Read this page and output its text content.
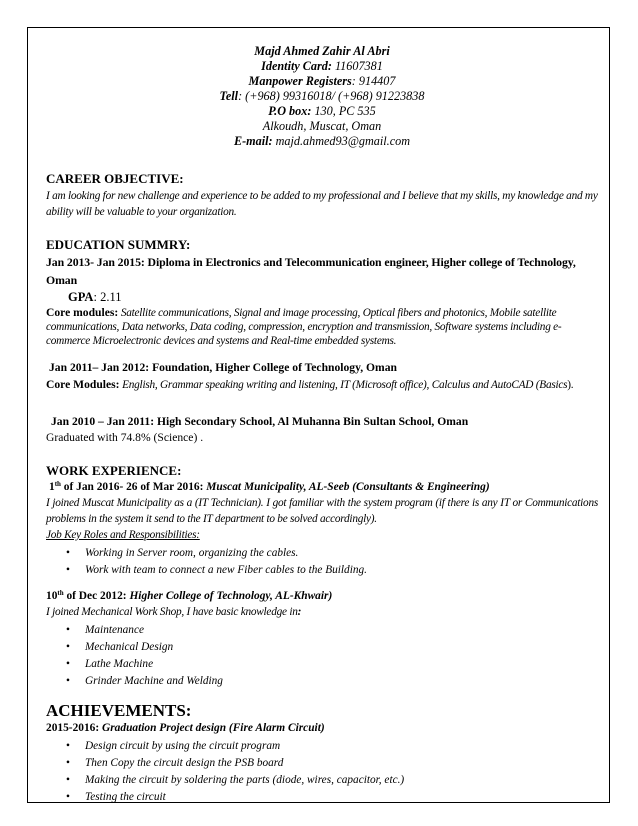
Majd Ahmed Zahir Al Abri
Identity Card: 11607381
Manpower Registers: 914407
Tell: (+968) 99316018/ (+968) 91223838
P.O box: 130, PC 535
Alkoudh, Muscat, Oman
E-mail: majd.ahmed93@gmail.com
CAREER OBJECTIVE:
I am looking for new challenge and experience to be added to my professional and I believe that my skills, my knowledge and my ability will be valuable to your organization.
EDUCATION SUMMRY:
Jan 2013- Jan 2015: Diploma in Electronics and Telecommunication engineer, Higher college of Technology, Oman
GPA: 2.11
Core modules: Satellite communications, Signal and image processing, Optical fibers and photonics, Mobile satellite communications, Data networks, Data coding, compression, encryption and transmission, Software systems including e-commerce Microelectronic devices and systems and Real-time embedded systems.
Jan 2011– Jan 2012: Foundation, Higher College of Technology, Oman
Core Modules: English, Grammar speaking writing and listening, IT (Microsoft office), Calculus and AutoCAD (Basics).
Jan 2010 – Jan 2011: High Secondary School, Al Muhanna Bin Sultan School, Oman
Graduated with 74.8% (Science) .
WORK EXPERIENCE:
1th of Jan 2016- 26 of Mar 2016: Muscat Municipality, AL-Seeb (Consultants & Engineering)
I joined Muscat Municipality as a (IT Technician). I got familiar with the system program (if there is any IT or Communications problems in the system it send to the IT department to be solved accordingly).
Job Key Roles and Responsibilities:
• Working in Server room, organizing the cables.
• Work with team to connect a new Fiber cables to the Building.
10th of Dec 2012: Higher College of Technology, AL-Khwair)
I joined Mechanical Work Shop, I have basic knowledge in:
• Maintenance
• Mechanical Design
• Lathe Machine
• Grinder Machine and Welding
ACHIEVEMENTS:
2015-2016: Graduation Project design (Fire Alarm Circuit)
• Design circuit by using the circuit program
• Then Copy the circuit design the PSB board
• Making the circuit by soldering the parts (diode, wires, capacitor, etc.)
• Testing the circuit
